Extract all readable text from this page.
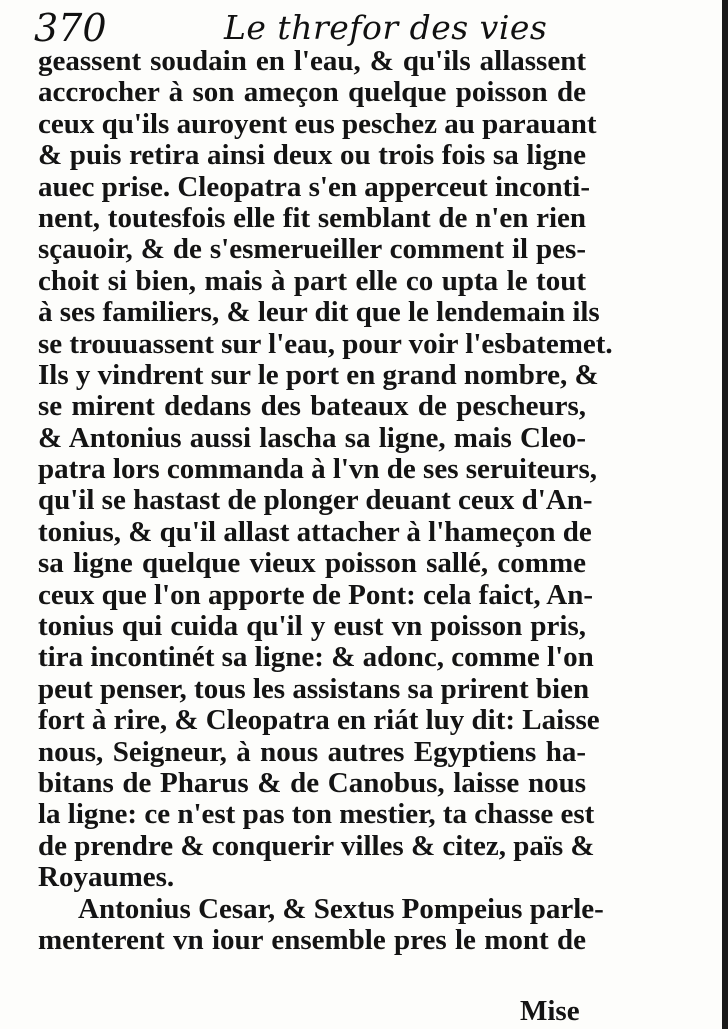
370	Le threfor des vies
geassent soudain en l'eau, & qu'ils allassent
accrocher à son ameçon quelque poisson de
ceux qu'ils auroyent eus peschez au parauant
& puis retira ainsi deux ou trois fois sa ligne
auec prise. Cleopatra s'en apperceut inconti-
nent, toutesfois elle fit semblant de n'en rien
sçauoir, & de s'esmerueiller comment il pes-
choit si bien, mais à part elle co upta le tout
à ses familiers, & leur dit que le lendemain ils
se trouuassent sur l'eau, pour voir l'esbatemet.
Ils y vindrent sur le port en grand nombre, &
se mirent dedans des bateaux de pescheurs,
& Antonius aussi lascha sa ligne, mais Cleo-
patra lors commanda à l'vn de ses seruiteurs,
qu'il se hastast de plonger deuant ceux d'An-
tonius, & qu'il allast attacher à l'hameçon de
sa ligne quelque vieux poisson sallé, comme
ceux que l'on apporte de Pont: cela faict, An-
tonius qui cuida qu'il y eust vn poisson pris,
tira incontinét sa ligne: & adonc, comme l'on
peut penser, tous les assistans sa prirent bien
fort à rire, & Cleopatra en riát luy dit: Laisse
nous, Seigneur, à nous autres Egyptiens ha-
bitans de Pharus & de Canobus, laisse nous
la ligne: ce n'est pas ton mestier, ta chasse est
de prendre & conquerir villes & citez, païs &
Royaumes.
Antonius Cesar, & Sextus Pompeius parle-
menterent vn iour ensemble pres le mont de
Mise
